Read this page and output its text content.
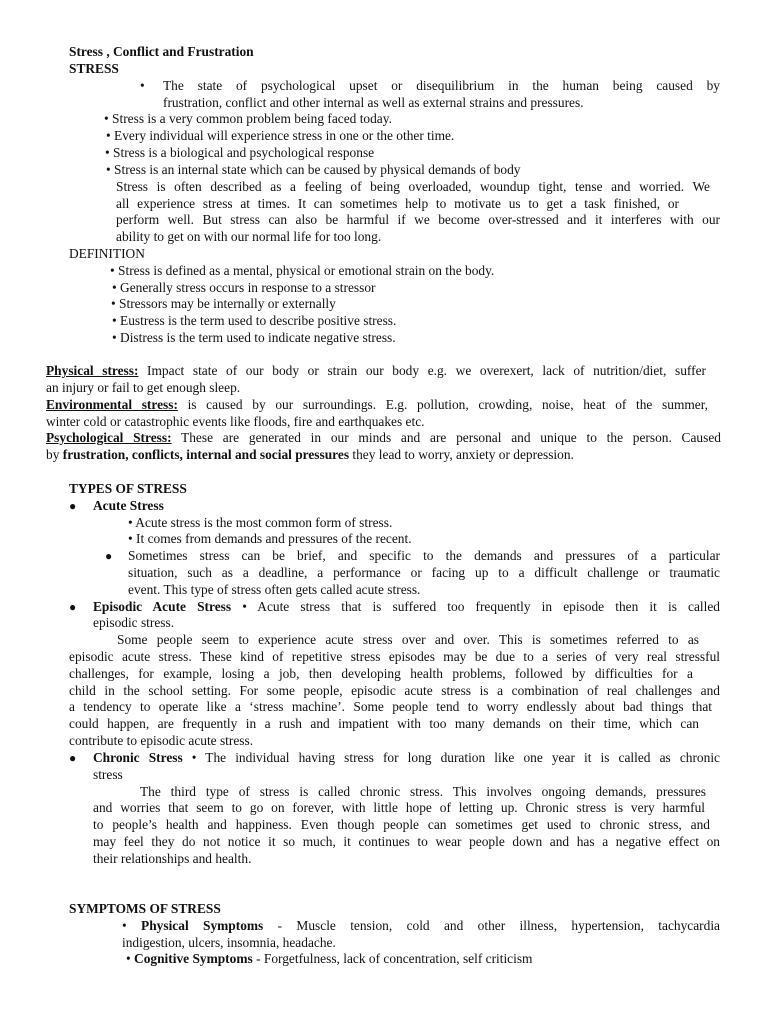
Stress , Conflict and Frustration
STRESS
• The state of psychological upset or disequilibrium in the human being caused by
frustration, conflict and other internal as well as external strains and pressures.
• Stress is a very common problem being faced today.
• Every individual will experience stress in one or the other time.
• Stress is a biological and psychological response
• Stress is an internal state which can be caused by physical demands of body
Stress is often described as a feeling of being overloaded, woundup tight, tense and worried. We
all experience stress at times. It can sometimes help to motivate us to get a task finished, or
perform well. But stress can also be harmful if we become over-stressed and it interferes with our
ability to get on with our normal life for too long.
DEFINITION
• Stress is defined as a mental, physical or emotional strain on the body.
• Generally stress occurs in response to a stressor
• Stressors may be internally or externally
• Eustress is the term used to describe positive stress.
• Distress is the term used to indicate negative stress.
Physical stress: Impact state of our body or strain our body e.g. we overexert, lack of nutrition/diet, suffer
an injury or fail to get enough sleep.
Environmental stress: is caused by our surroundings. E.g. pollution, crowding, noise, heat of the summer,
winter cold or catastrophic events like floods, fire and earthquakes etc.
Psychological Stress: These are generated in our minds and are personal and unique to the person. Caused
by frustration, conflicts, internal and social pressures they lead to worry, anxiety or depression.
TYPES OF STRESS
● Acute Stress
• Acute stress is the most common form of stress.
• It comes from demands and pressures of the recent.
● Sometimes stress can be brief, and specific to the demands and pressures of a particular
situation, such as a deadline, a performance or facing up to a difficult challenge or traumatic
event. This type of stress often gets called acute stress.
● Episodic Acute Stress • Acute stress that is suffered too frequently in episode then it is called
episodic stress.
Some people seem to experience acute stress over and over. This is sometimes referred to as
episodic acute stress. These kind of repetitive stress episodes may be due to a series of very real stressful
challenges, for example, losing a job, then developing health problems, followed by difficulties for a
child in the school setting. For some people, episodic acute stress is a combination of real challenges and
a tendency to operate like a ‘stress machine’. Some people tend to worry endlessly about bad things that
could happen, are frequently in a rush and impatient with too many demands on their time, which can
contribute to episodic acute stress.
● Chronic Stress • The individual having stress for long duration like one year it is called as chronic
stress
The third type of stress is called chronic stress. This involves ongoing demands, pressures
and worries that seem to go on forever, with little hope of letting up. Chronic stress is very harmful
to people’s health and happiness. Even though people can sometimes get used to chronic stress, and
may feel they do not notice it so much, it continues to wear people down and has a negative effect on
their relationships and health.
SYMPTOMS OF STRESS
• Physical Symptoms - Muscle tension, cold and other illness, hypertension, tachycardia
indigestion, ulcers, insomnia, headache.
• Cognitive Symptoms - Forgetfulness, lack of concentration, self criticism
